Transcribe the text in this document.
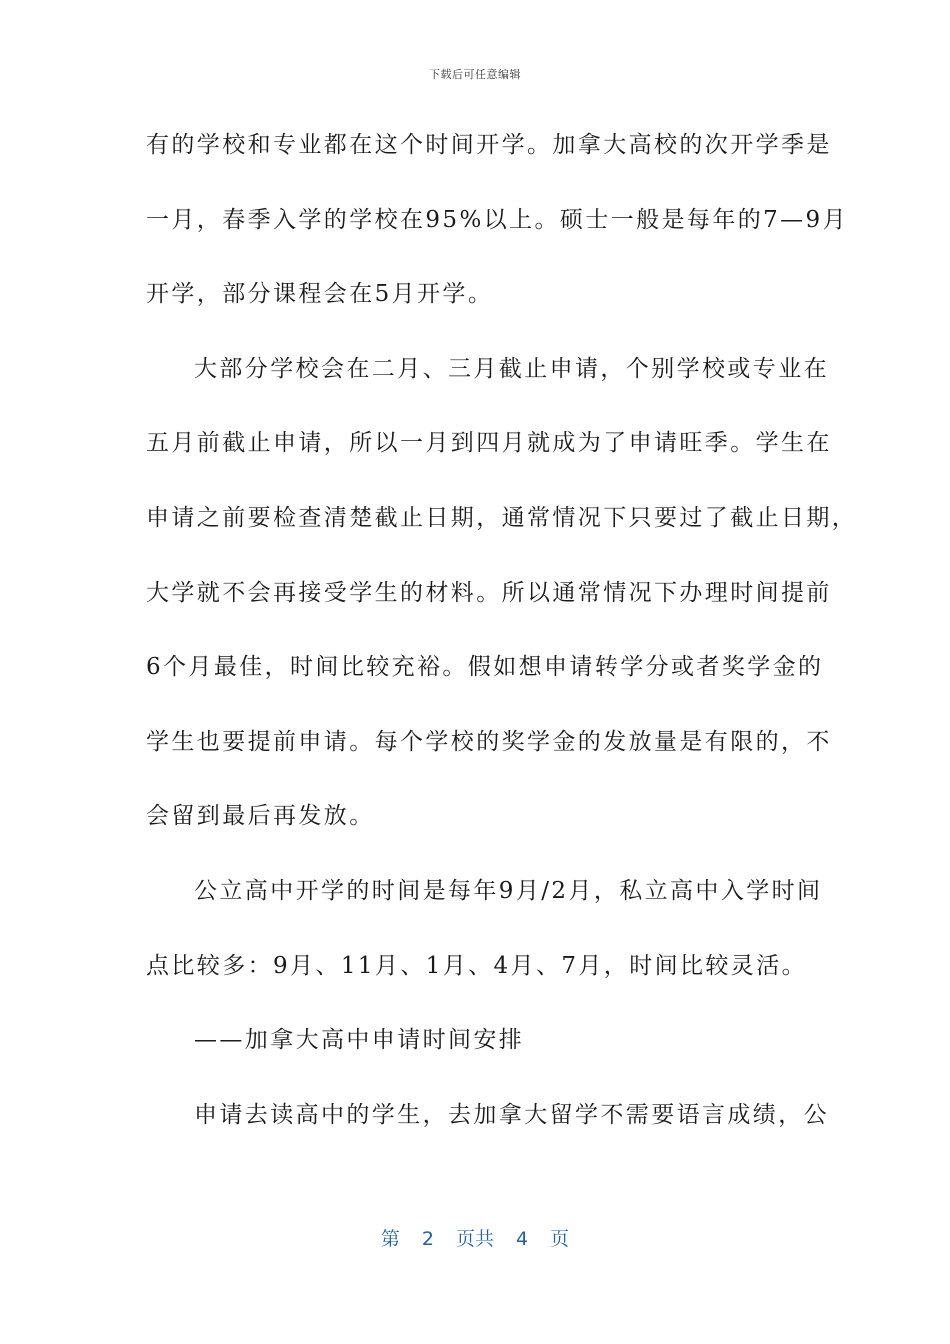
下载后可任意编辑
有的学校和专业都在这个时间开学。加拿大高校的次开学季是
一月，春季入学的学校在95%以上。硕士一般是每年的7—9月
开学，部分课程会在5月开学。
大部分学校会在二月、三月截止申请，个别学校或专业在
五月前截止申请，所以一月到四月就成为了申请旺季。学生在
申请之前要检查清楚截止日期，通常情况下只要过了截止日期，
大学就不会再接受学生的材料。所以通常情况下办理时间提前
6个月最佳，时间比较充裕。假如想申请转学分或者奖学金的
学生也要提前申请。每个学校的奖学金的发放量是有限的，不
会留到最后再发放。
公立高中开学的时间是每年9月/2月，私立高中入学时间
点比较多：9月、11月、1月、4月、7月，时间比较灵活。
——加拿大高中申请时间安排
申请去读高中的学生，去加拿大留学不需要语言成绩，公
第 2 页共 4 页
